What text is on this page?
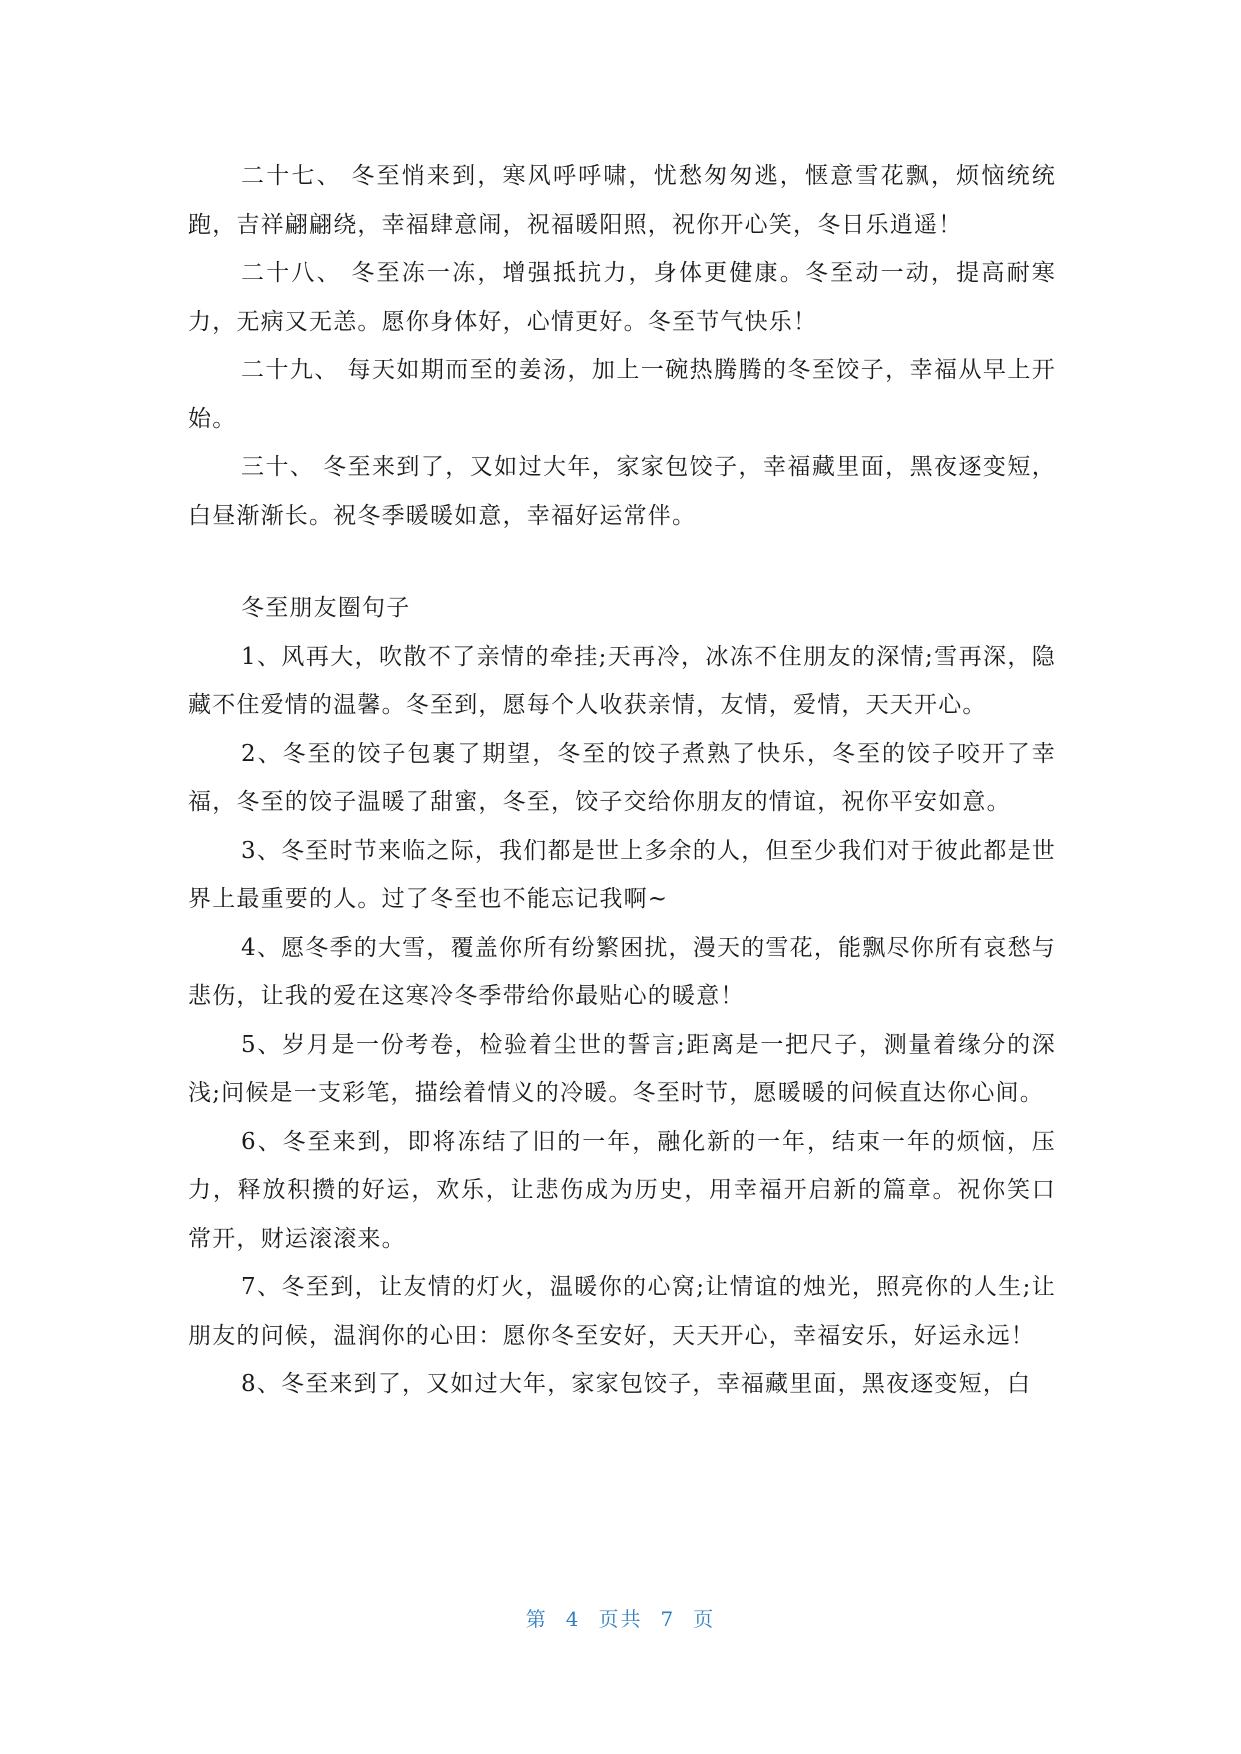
二十七、 冬至悄来到，寒风呼呼啸，忧愁匆匆逃，惬意雪花飘，烦恼统统跑，吉祥翩翩绕，幸福肆意闹，祝福暖阳照，祝你开心笑，冬日乐逍遥！

二十八、 冬至冻一冻，增强抵抗力，身体更健康。冬至动一动，提高耐寒力，无病又无恙。愿你身体好，心情更好。冬至节气快乐！

二十九、 每天如期而至的姜汤，加上一碗热腾腾的冬至饺子，幸福从早上开始。

三十、 冬至来到了，又如过大年，家家包饺子，幸福藏里面，黑夜逐变短，白昼渐渐长。祝冬季暖暖如意，幸福好运常伴。

冬至朋友圈句子

1、风再大，吹散不了亲情的牵挂;天再冷，冰冻不住朋友的深情;雪再深，隐藏不住爱情的温馨。冬至到，愿每个人收获亲情，友情，爱情，天天开心。

2、冬至的饺子包裹了期望，冬至的饺子煮熟了快乐，冬至的饺子咬开了幸福，冬至的饺子温暖了甜蜜，冬至，饺子交给你朋友的情谊，祝你平安如意。

3、冬至时节来临之际，我们都是世上多余的人，但至少我们对于彼此都是世界上最重要的人。过了冬至也不能忘记我啊~

4、愿冬季的大雪，覆盖你所有纷繁困扰，漫天的雪花，能飘尽你所有哀愁与悲伤，让我的爱在这寒冷冬季带给你最贴心的暖意！

5、岁月是一份考卷，检验着尘世的誓言;距离是一把尺子，测量着缘分的深浅;问候是一支彩笔，描绘着情义的冷暖。冬至时节，愿暖暖的问候直达你心间。

6、冬至来到，即将冻结了旧的一年，融化新的一年，结束一年的烦恼，压力，释放积攒的好运，欢乐，让悲伤成为历史，用幸福开启新的篇章。祝你笑口常开，财运滚滚来。

7、冬至到，让友情的灯火，温暖你的心窝;让情谊的烛光，照亮你的人生;让朋友的问候，温润你的心田：愿你冬至安好，天天开心，幸福安乐，好运永远！

8、冬至来到了，又如过大年，家家包饺子，幸福藏里面，黑夜逐变短，白

第 4 页共 7 页
